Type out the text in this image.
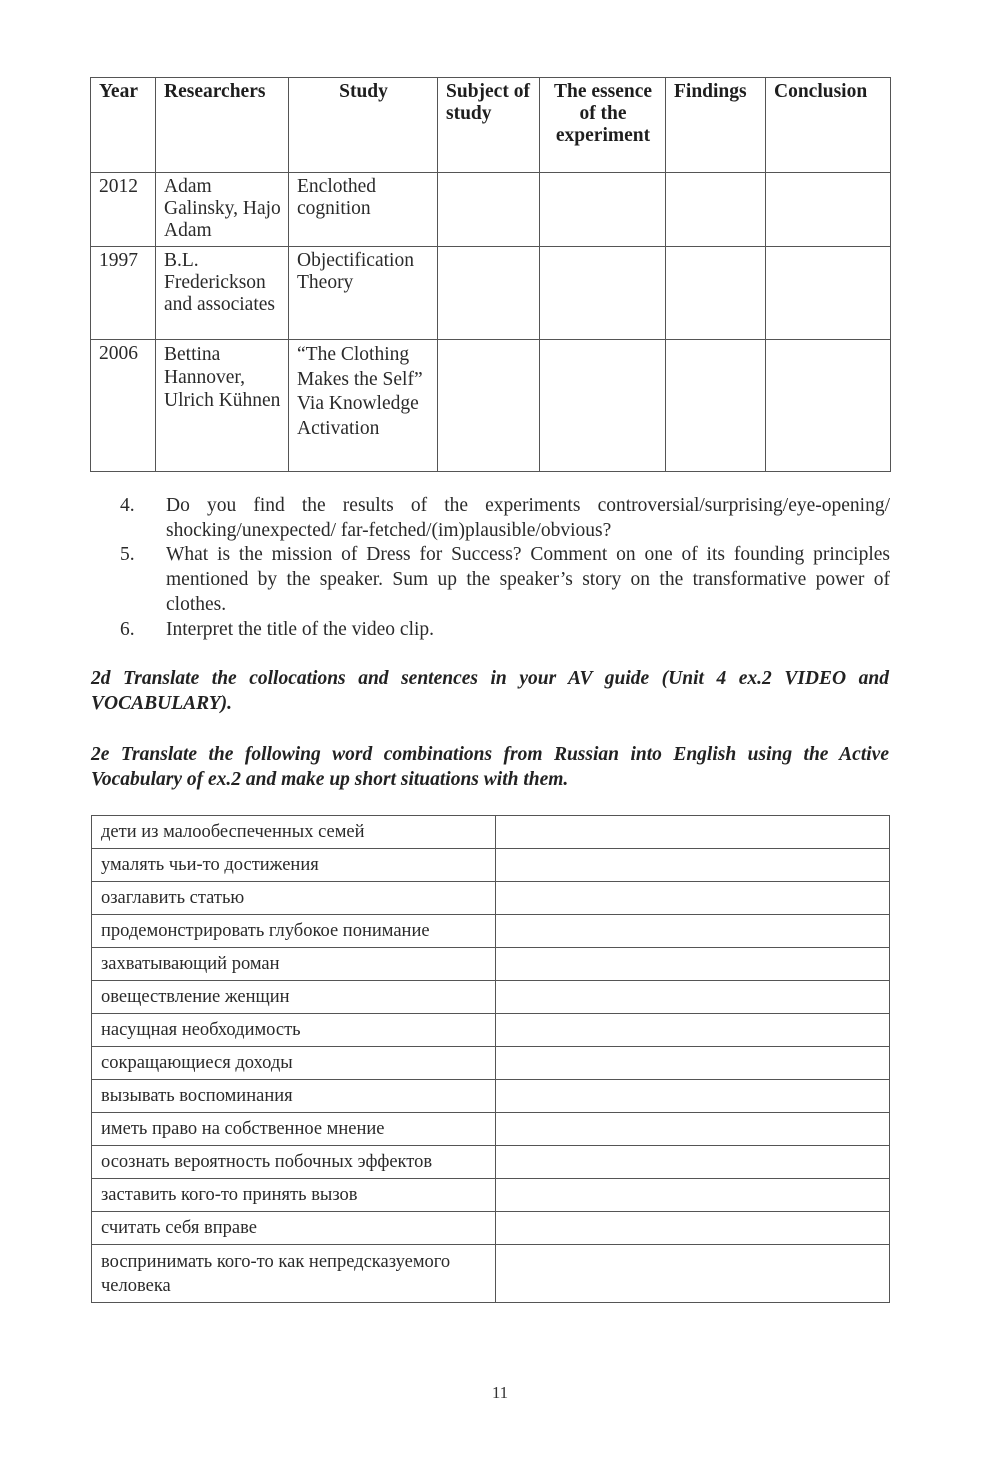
Year	Researchers	Study	Subject of study	The essence of the experiment	Findings	Conclusion
2012	Adam Galinsky, Hajo Adam	Enclothed cognition				
1997	B.L. Frederickson and associates	Objectification Theory				
2006	Bettina Hannover, Ulrich Kühnen	“The Clothing Makes the Self” Via Knowledge Activation				
4.	Do you find the results of the experiments controversial/surprising/eye-opening/ shocking/unexpected/ far-fetched/(im)plausible/obvious?
5.	What is the mission of Dress for Success? Comment on one of its founding principles mentioned by the speaker. Sum up the speaker’s story on the transformative power of clothes.
6.	Interpret the title of the video clip.

2d Translate the collocations and sentences in your AV guide (Unit 4 ex.2 VIDEO and VOCABULARY).

2e Translate the following word combinations from Russian into English using the Active Vocabulary of ex.2 and make up short situations with them.

дети из малообеспеченных семей	
умалять чьи-то достижения	
озаглавить статью	
продемонстрировать глубокое понимание	
захватывающий роман	
овеществление женщин	
насущная необходимость	
сокращающиеся доходы	
вызывать воспоминания	
иметь право на собственное мнение	
осознать вероятность побочных эффектов	
заставить кого-то принять вызов	
считать себя вправе	
воспринимать кого-то как непредсказуемого человека	
11
